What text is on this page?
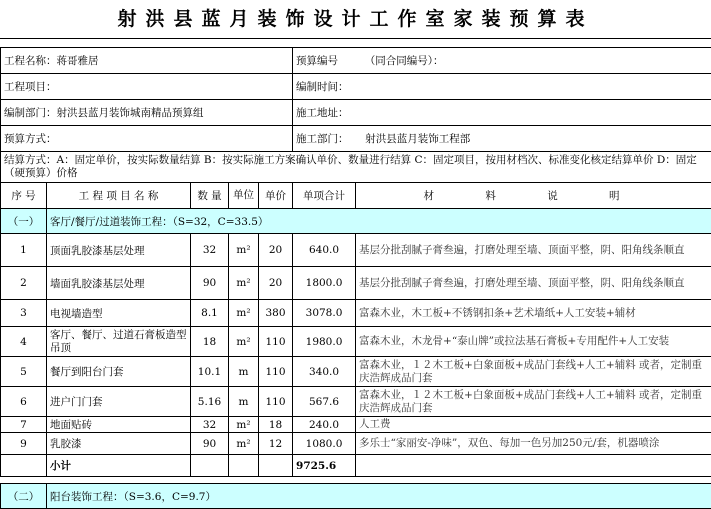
射洪县蓝月装饰设计工作室家装预算表
工程名称：蒋哥雅居					预算编号 （同合同编号）：	
工程项目：					编制时间：	
编制部门：射洪县蓝月装饰城南精品预算组					施工地址：	
预算方式：					施工部门： 射洪县蓝月装饰工程部	
结算方式：A：固定单价，按实际数量结算 B：按实际施工方案确认单价、数量进行结算 C：固定项目，按用材档次、标准变化核定结算单价 D：固定（硬预算）价格						
序 号	工 程 项 目 名 称	数 量	单位	单价	单项合计	材 料 说 明
（一）	客厅/餐厅/过道装饰工程：（S=32，C=33.5）					
1	顶面乳胶漆基层处理	32	m²	20	640.0	基层分批刮腻子膏叁遍，打磨处理至墙、顶面平整，阴、阳角线条顺直
2	墙面乳胶漆基层处理	90	m²	20	1800.0	基层分批刮腻子膏叁遍，打磨处理至墙、顶面平整，阴、阳角线条顺直
3	电视墙造型	8.1	m²	380	3078.0	富森木业，木工板+不锈钢扣条+艺术墙纸+人工安装+辅材
4	客厅、餐厅、过道石膏板造型吊顶	18	m²	110	1980.0	富森木业，木龙骨+“泰山牌”或拉法基石膏板+专用配件+人工安装
5	餐厅到阳台门套	10.1	m	110	340.0	富森木业，１２木工板+白象面板+成品门套线+人工+辅料 或者，定制重庆浩辉成品门套
6	进户门门套	5.16	m	110	567.6	富森木业，１２木工板+白象面板+成品门套线+人工+辅料 或者，定制重庆浩辉成品门套
7	地面贴砖	32	m²	18	240.0	人工费
9	乳胶漆	90	m²	12	1080.0	多乐士“家丽安-净味”，双色、每加一色另加250元/套，机器喷涂
	小计				9725.6	

（二）	阳台装饰工程：（S=3.6，C=9.7）					
